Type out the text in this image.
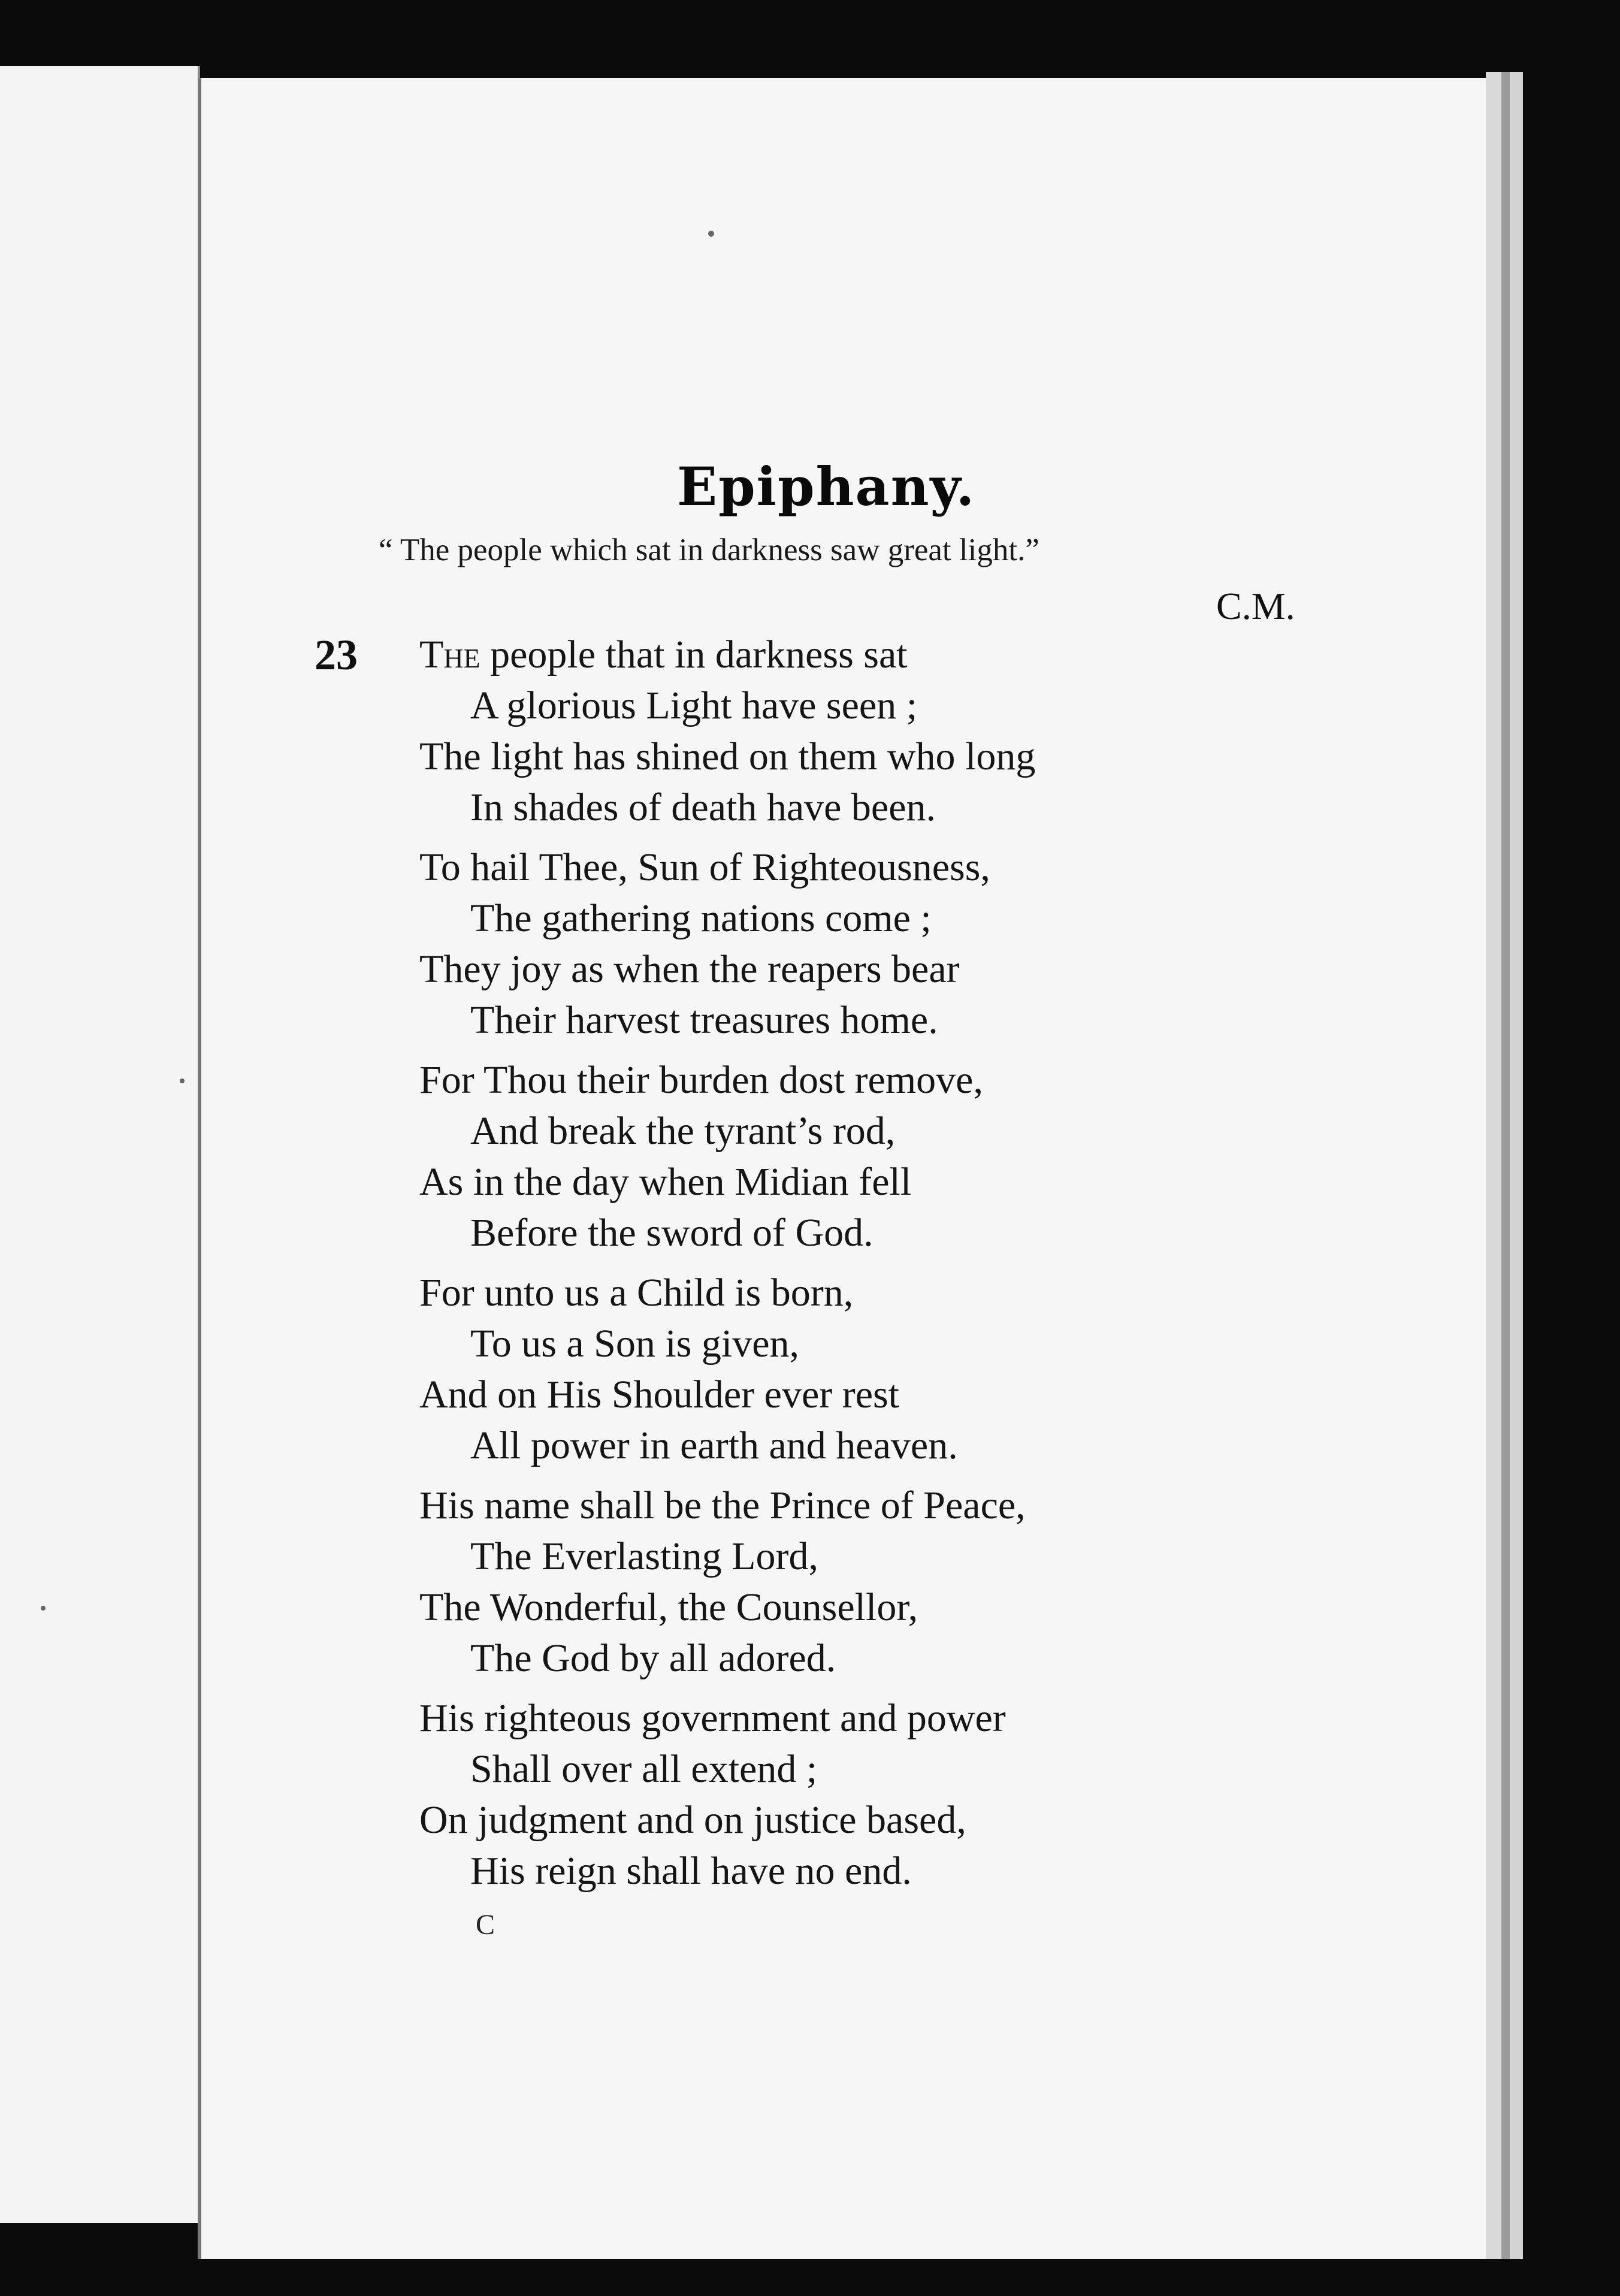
Epiphany.
“ The people which sat in darkness saw great light.”
C.M.
23 The people that in darkness sat
A glorious Light have seen ;
The light has shined on them who long
In shades of death have been.
To hail Thee, Sun of Righteousness,
The gathering nations come ;
They joy as when the reapers bear
Their harvest treasures home.
For Thou their burden dost remove,
And break the tyrant’s rod,
As in the day when Midian fell
Before the sword of God.
For unto us a Child is born,
To us a Son is given,
And on His Shoulder ever rest
All power in earth and heaven.
His name shall be the Prince of Peace,
The Everlasting Lord,
The Wonderful, the Counsellor,
The God by all adored.
His righteous government and power
Shall over all extend ;
On judgment and on justice based,
His reign shall have no end.
C
